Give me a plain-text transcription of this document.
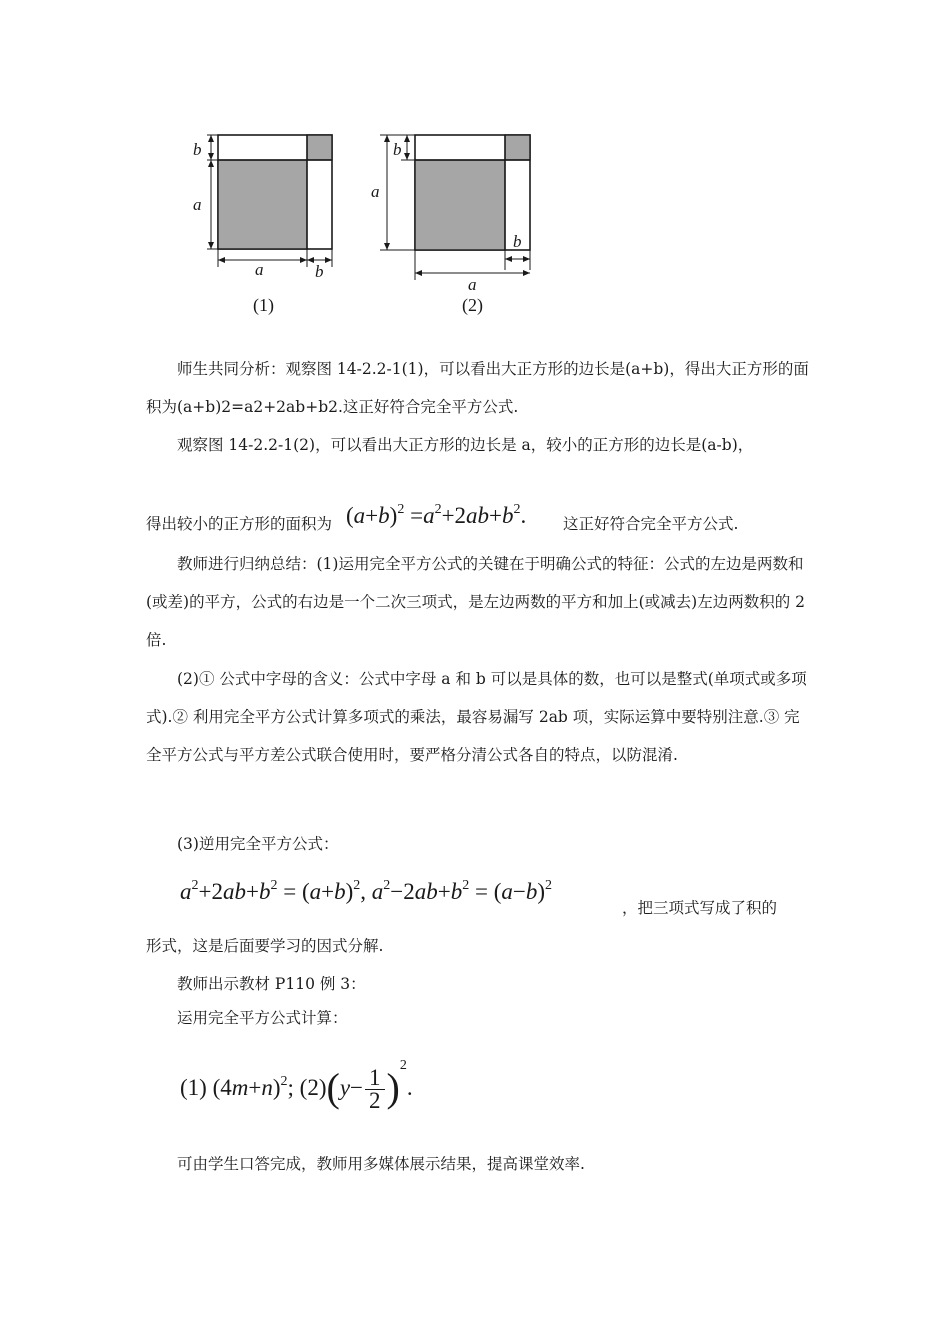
b
a
a	b
(1)
a
b
b
a
(2)

师生共同分析：观察图 14-2.2-1(1)，可以看出大正方形的边长是(a+b)，得出大正方形的面积为(a+b)2=a2+2ab+b2.这正好符合完全平方公式.

观察图 14-2.2-1(2)，可以看出大正方形的边长是 a，较小的正方形的边长是(a-b)，

得出较小的正方形的面积为 $(a+b)^2 =a^2+2ab+b^2$. 这正好符合完全平方公式.

教师进行归纳总结：(1)运用完全平方公式的关键在于明确公式的特征：公式的左边是两数和(或差)的平方，公式的右边是一个二次三项式，是左边两数的平方和加上(或减去)左边两数积的 2 倍.

(2)① 公式中字母的含义：公式中字母 a 和 b 可以是具体的数，也可以是整式(单项式或多项式).② 利用完全平方公式计算多项式的乘法，最容易漏写 2ab 项，实际运算中要特别注意.③ 完全平方公式与平方差公式联合使用时，要严格分清公式各自的特点，以防混淆.

(3)逆用完全平方公式：

$a^2+2ab+b^2 = (a+b)^2$, $a^2-2ab+b^2 = (a-b)^2$
，把三项式写成了积的
形式，这是后面要学习的因式分解.
教师出示教材 P110 例 3：
运用完全平方公式计算：
(1) $(4m+n)^2$; $(2)(y- \frac{1}{2} )^2$.
可由学生口答完成，教师用多媒体展示结果，提高课堂效率.
